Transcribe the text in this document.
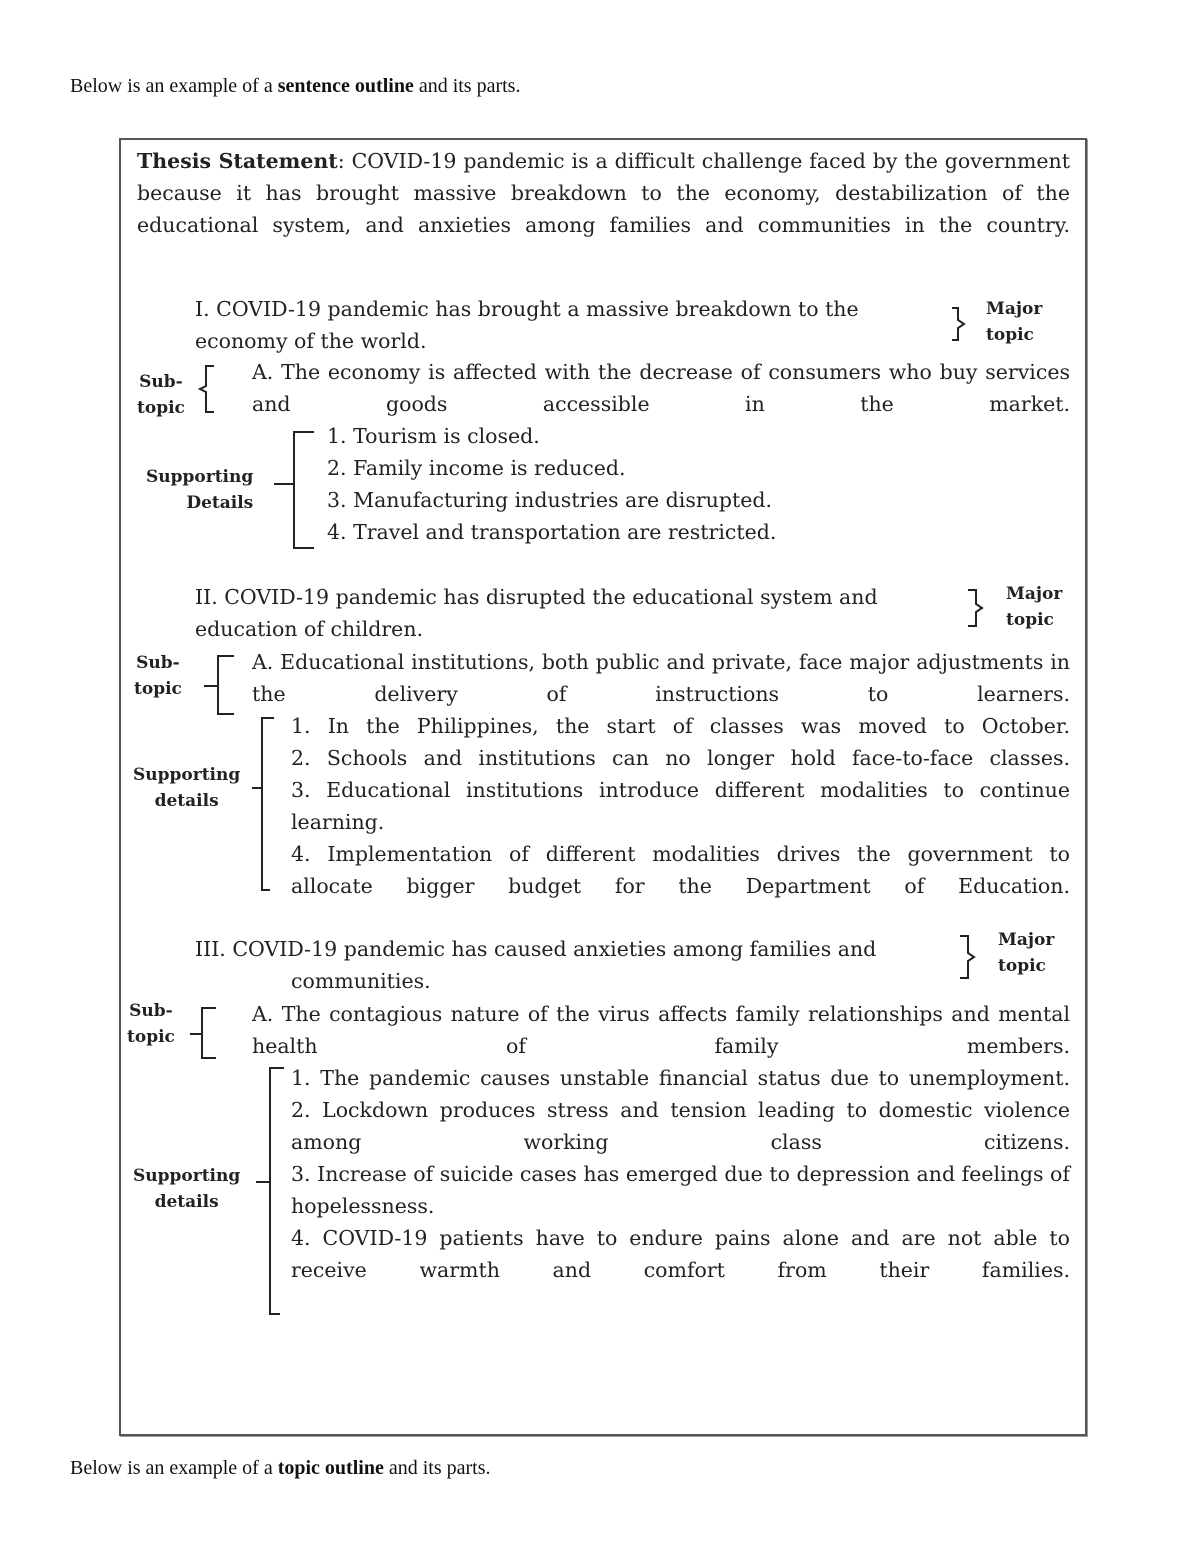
Below is an example of a sentence outline and its parts.
Thesis Statement: COVID-19 pandemic is a difficult challenge faced by the government because it has brought massive breakdown to the economy, destabilization of the educational system, and anxieties among families and communities in the country.
I. COVID-19 pandemic has brought a massive breakdown to the
economy of the world.
Major
topic
Sub-
topic
A. The economy is affected with the decrease of consumers who buy services and goods accessible in the market.
Supporting
Details
1. Tourism is closed.
2. Family income is reduced.
3. Manufacturing industries are disrupted.
4. Travel and transportation are restricted.
II. COVID-19 pandemic has disrupted the educational system and
education of children.
Major
topic
Sub-
topic
A. Educational institutions, both public and private, face major adjustments in the delivery of instructions to learners.
Supporting
details
1. In the Philippines, the start of classes was moved to October.
2. Schools and institutions can no longer hold face-to-face classes.
3. Educational institutions introduce different modalities to continue learning.
4. Implementation of different modalities drives the government to allocate bigger budget for the Department of Education.
III. COVID-19 pandemic has caused anxieties among families and
communities.
Major
topic
Sub-
topic
A. The contagious nature of the virus affects family relationships and mental health of family members.
Supporting
details
1. The pandemic causes unstable financial status due to unemployment.
2. Lockdown produces stress and tension leading to domestic violence among working class citizens.
3. Increase of suicide cases has emerged due to depression and feelings of hopelessness.
4. COVID-19 patients have to endure pains alone and are not able to receive warmth and comfort from their families.
Below is an example of a topic outline and its parts.
